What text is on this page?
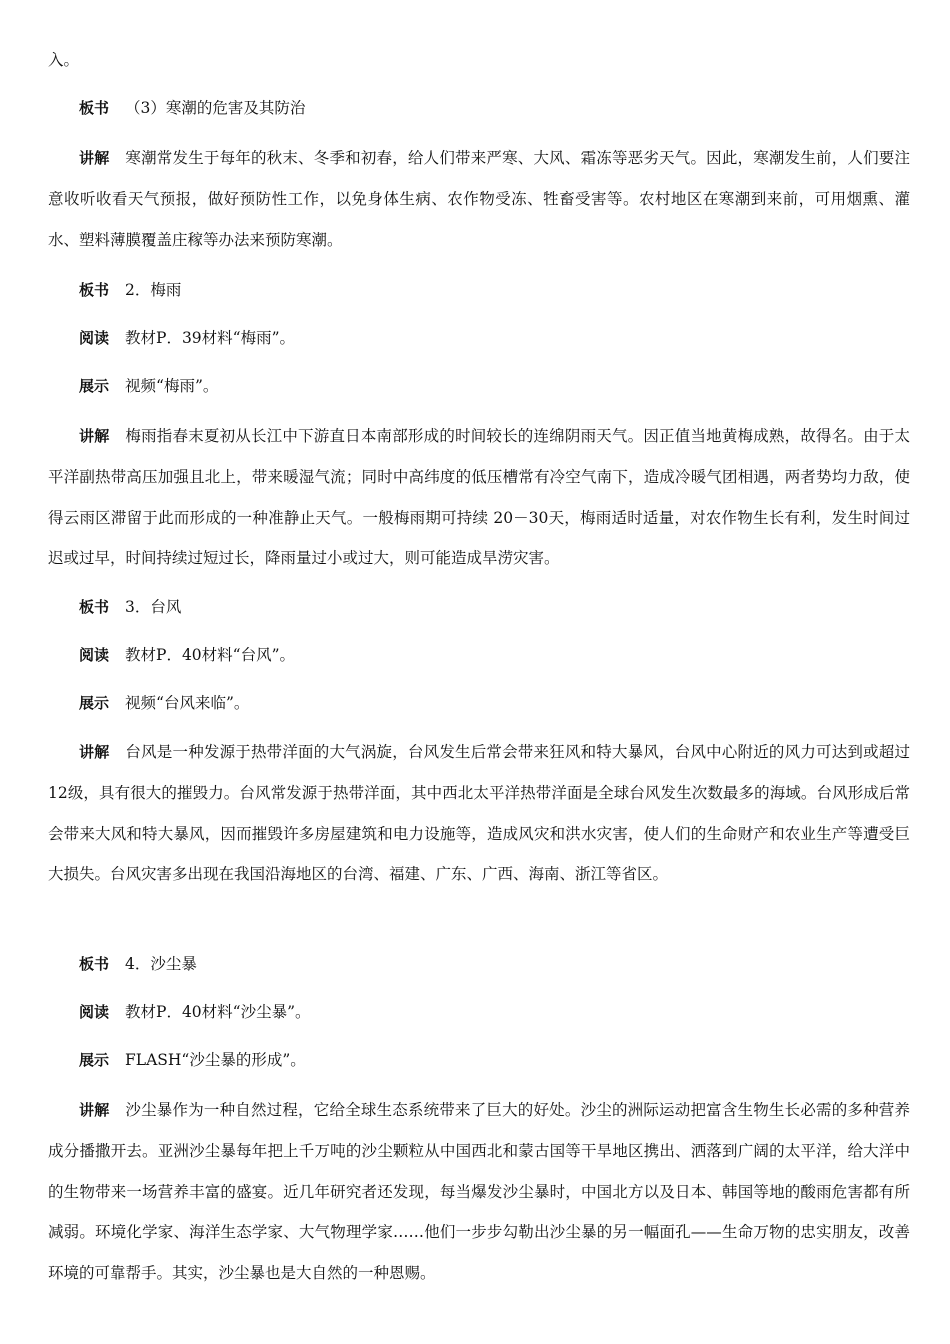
入。

板书 （3）寒潮的危害及其防治

讲解 寒潮常发生于每年的秋末、冬季和初春，给人们带来严寒、大风、霜冻等恶劣天气。因此，寒潮发生前，人们要注意收听收看天气预报，做好预防性工作，以免身体生病、农作物受冻、牲畜受害等。农村地区在寒潮到来前，可用烟熏、灌水、塑料薄膜覆盖庄稼等办法来预防寒潮。

板书 2．梅雨

阅读 教材P．39材料“梅雨”。

展示 视频“梅雨”。

讲解 梅雨指春末夏初从长江中下游直日本南部形成的时间较长的连绵阴雨天气。因正值当地黄梅成熟，故得名。由于太平洋副热带高压加强且北上，带来暖湿气流；同时中高纬度的低压槽常有冷空气南下，造成冷暖气团相遇，两者势均力敌，使得云雨区滞留于此而形成的一种准静止天气。一般梅雨期可持续 20－30天，梅雨适时适量，对农作物生长有利，发生时间过迟或过早，时间持续过短过长，降雨量过小或过大，则可能造成旱涝灾害。

板书 3．台风

阅读 教材P．40材料“台风”。

展示 视频“台风来临”。

讲解 台风是一种发源于热带洋面的大气涡旋，台风发生后常会带来狂风和特大暴风，台风中心附近的风力可达到或超过12级，具有很大的摧毁力。台风常发源于热带洋面，其中西北太平洋热带洋面是全球台风发生次数最多的海域。台风形成后常会带来大风和特大暴风，因而摧毁许多房屋建筑和电力设施等，造成风灾和洪水灾害，使人们的生命财产和农业生产等遭受巨大损失。台风灾害多出现在我国沿海地区的台湾、福建、广东、广西、海南、浙江等省区。

板书 4．沙尘暴

阅读 教材P．40材料“沙尘暴”。

展示 FLASH“沙尘暴的形成”。

讲解 沙尘暴作为一种自然过程，它给全球生态系统带来了巨大的好处。沙尘的洲际运动把富含生物生长必需的多种营养成分播撒开去。亚洲沙尘暴每年把上千万吨的沙尘颗粒从中国西北和蒙古国等干旱地区携出、洒落到广阔的太平洋，给大洋中的生物带来一场营养丰富的盛宴。近几年研究者还发现，每当爆发沙尘暴时，中国北方以及日本、韩国等地的酸雨危害都有所减弱。环境化学家、海洋生态学家、大气物理学家……他们一步步勾勒出沙尘暴的另一幅面孔——生命万物的忠实朋友，改善环境的可靠帮手。其实，沙尘暴也是大自然的一种恩赐。
